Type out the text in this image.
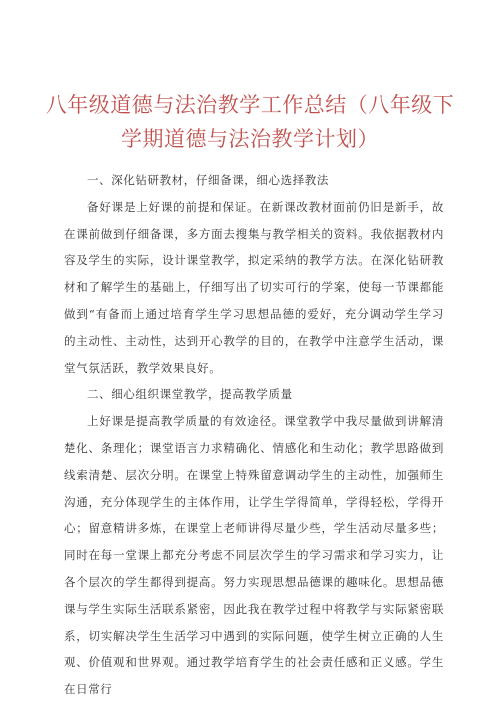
八年级道德与法治教学工作总结（八年级下学期道德与法治教学计划）

一、深化钻研教材，仔细备课，细心选择教法

备好课是上好课的前提和保证。在新课改教材面前仍旧是新手，故在课前做到仔细备课，多方面去搜集与教学相关的资料。我依据教材内容及学生的实际，设计课堂教学，拟定采纳的教学方法。在深化钻研教材和了解学生的基础上，仔细写出了切实可行的学案，使每一节课都能做到“有备而上通过培育学生学习思想品德的爱好，充分调动学生学习的主动性、主动性，达到开心教学的目的，在教学中注意学生活动，课堂气氛活跃，教学效果良好。

二、细心组织课堂教学，提高教学质量

上好课是提高教学质量的有效途径。课堂教学中我尽量做到讲解清楚化、条理化；课堂语言力求精确化、情感化和生动化；教学思路做到线索清楚、层次分明。在课堂上特殊留意调动学生的主动性，加强师生沟通，充分体现学生的主体作用，让学生学得简单，学得轻松，学得开心；留意精讲多炼，在课堂上老师讲得尽量少些，学生活动尽量多些；同时在每一堂课上都充分考虑不同层次学生的学习需求和学习实力，让各个层次的学生都得到提高。努力实现思想品德课的趣味化。思想品德课与学生实际生活联系紧密，因此我在教学过程中将教学与实际紧密联系，切实解决学生生活学习中遇到的实际问题，使学生树立正确的人生观、价值观和世界观。通过教学培育学生的社会责任感和正义感。学生在日常行
